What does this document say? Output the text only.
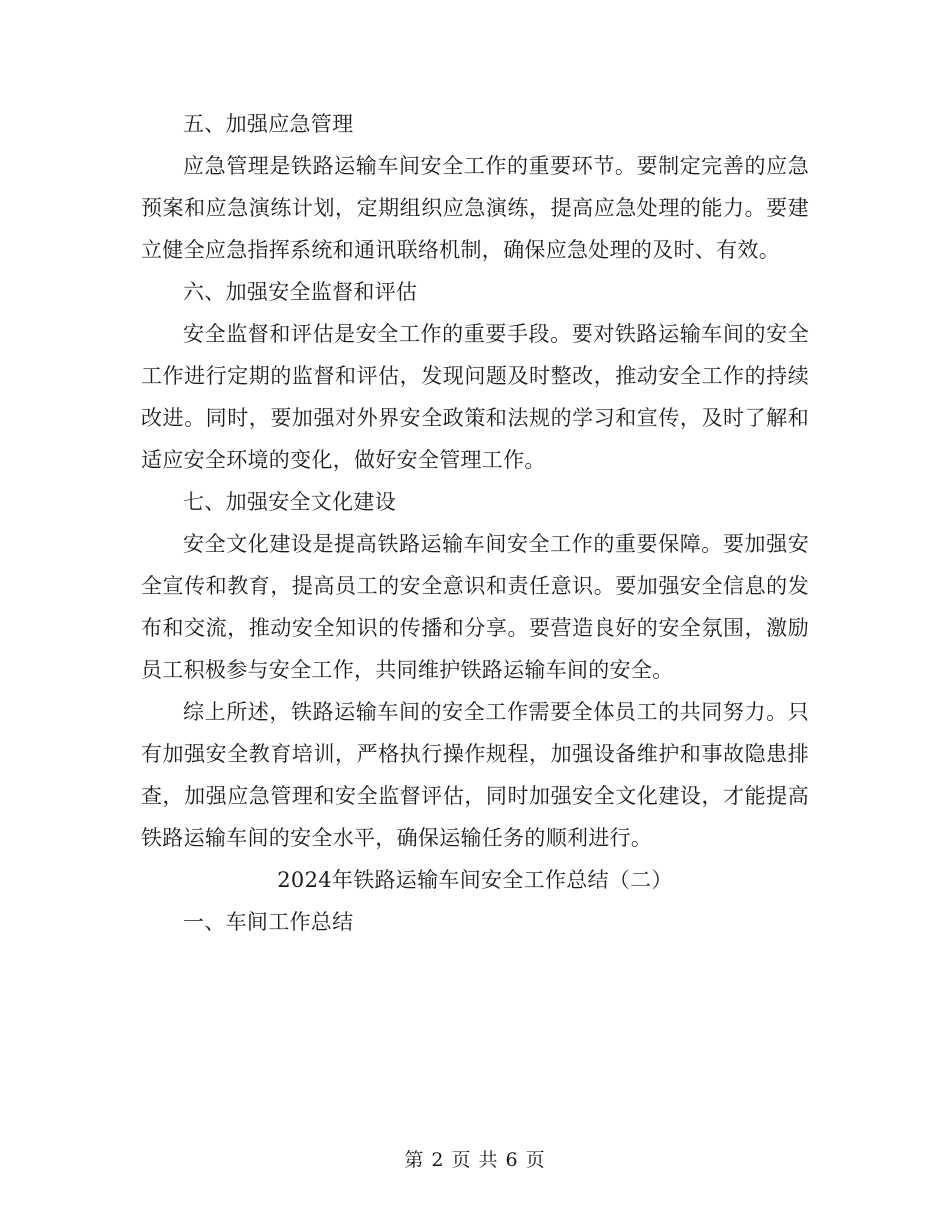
五、加强应急管理

应急管理是铁路运输车间安全工作的重要环节。要制定完善的应急预案和应急演练计划，定期组织应急演练，提高应急处理的能力。要建立健全应急指挥系统和通讯联络机制，确保应急处理的及时、有效。

六、加强安全监督和评估

安全监督和评估是安全工作的重要手段。要对铁路运输车间的安全工作进行定期的监督和评估，发现问题及时整改，推动安全工作的持续改进。同时，要加强对外界安全政策和法规的学习和宣传，及时了解和适应安全环境的变化，做好安全管理工作。

七、加强安全文化建设

安全文化建设是提高铁路运输车间安全工作的重要保障。要加强安全宣传和教育，提高员工的安全意识和责任意识。要加强安全信息的发布和交流，推动安全知识的传播和分享。要营造良好的安全氛围，激励员工积极参与安全工作，共同维护铁路运输车间的安全。

综上所述，铁路运输车间的安全工作需要全体员工的共同努力。只有加强安全教育培训，严格执行操作规程，加强设备维护和事故隐患排查，加强应急管理和安全监督评估，同时加强安全文化建设，才能提高铁路运输车间的安全水平，确保运输任务的顺利进行。

2024年铁路运输车间安全工作总结（二）

一、车间工作总结

第 2 页 共 6 页
